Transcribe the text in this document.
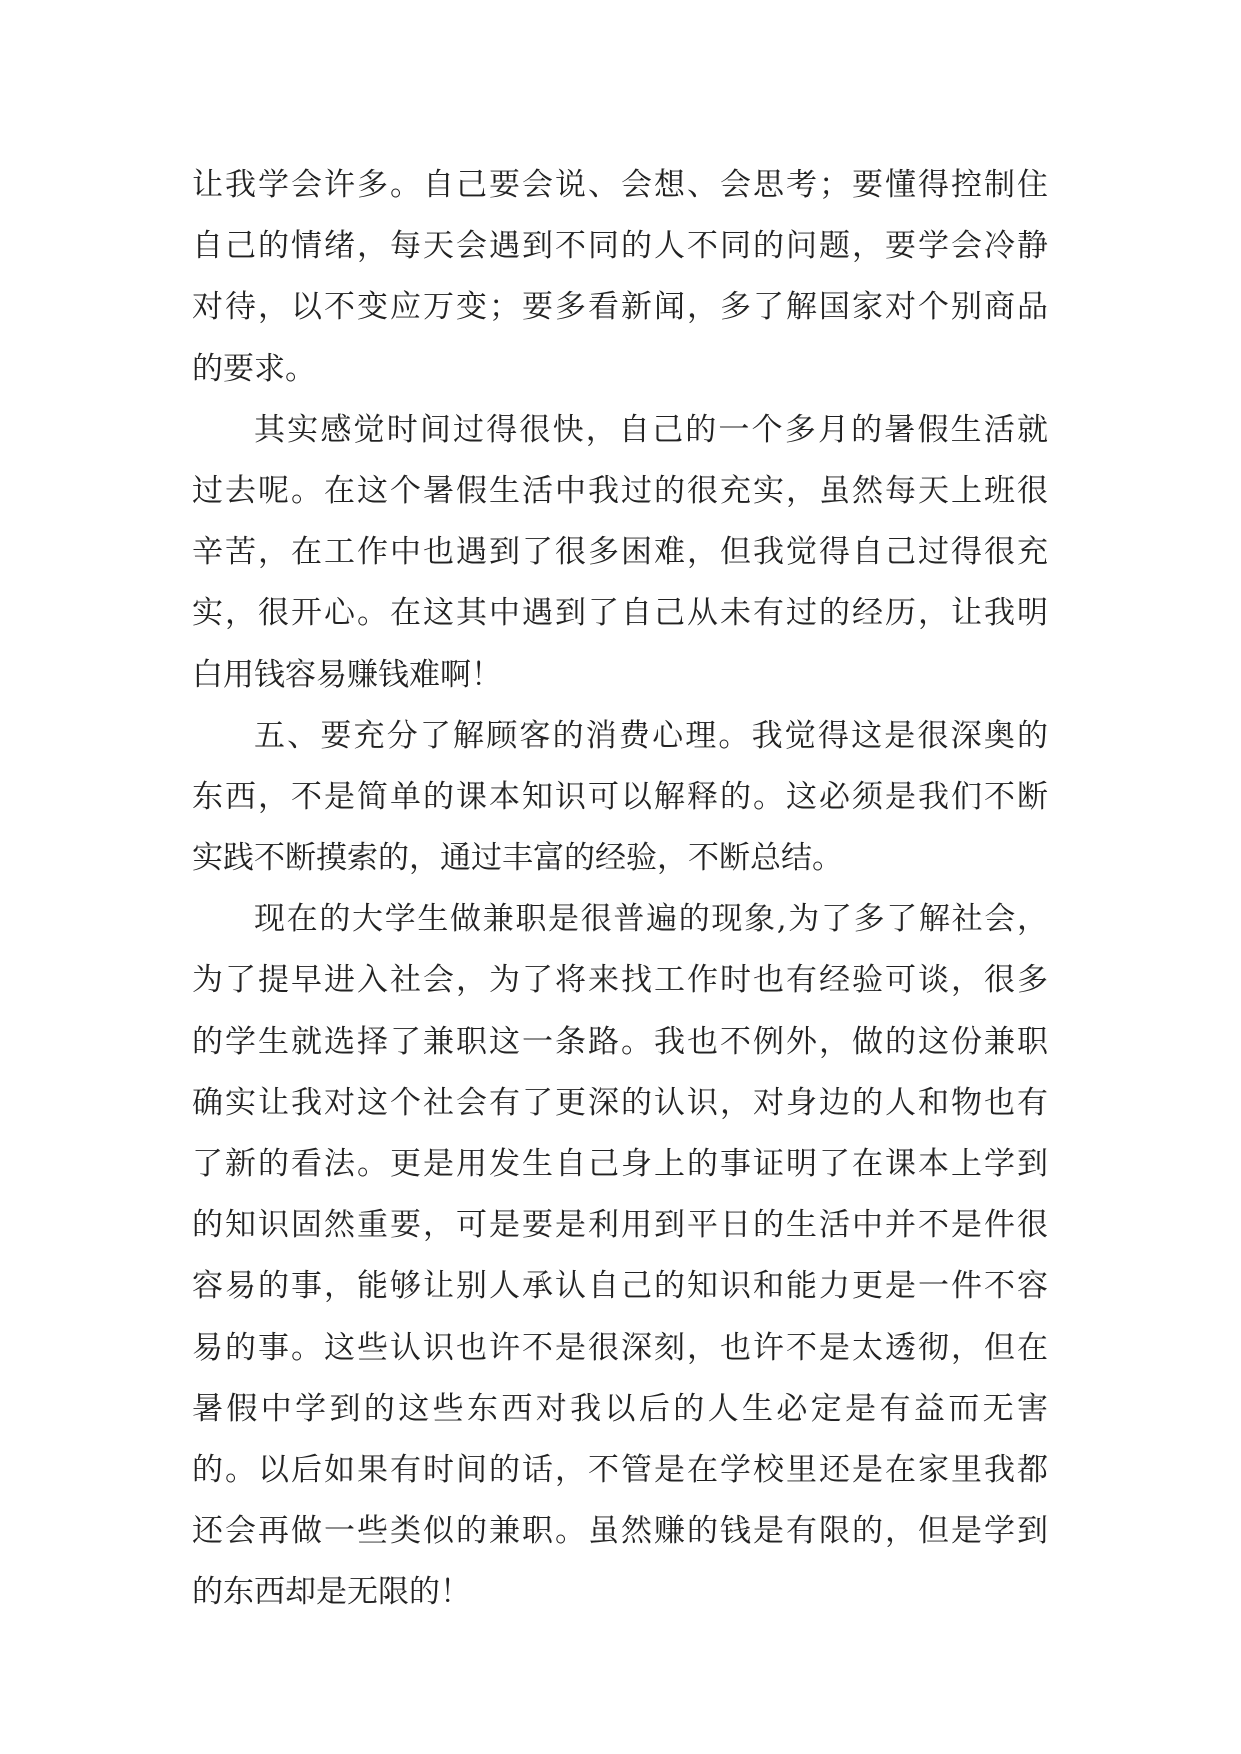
让我学会许多。自己要会说、会想、会思考；要懂得控制住
自己的情绪，每天会遇到不同的人不同的问题，要学会冷静
对待，以不变应万变；要多看新闻，多了解国家对个别商品
的要求。
其实感觉时间过得很快，自己的一个多月的暑假生活就
过去呢。在这个暑假生活中我过的很充实，虽然每天上班很
辛苦，在工作中也遇到了很多困难，但我觉得自己过得很充
实，很开心。在这其中遇到了自己从未有过的经历，让我明
白用钱容易赚钱难啊！
五、要充分了解顾客的消费心理。我觉得这是很深奥的
东西，不是简单的课本知识可以解释的。这必须是我们不断
实践不断摸索的，通过丰富的经验，不断总结。
现在的大学生做兼职是很普遍的现象,为了多了解社会，
为了提早进入社会，为了将来找工作时也有经验可谈，很多
的学生就选择了兼职这一条路。我也不例外，做的这份兼职
确实让我对这个社会有了更深的认识，对身边的人和物也有
了新的看法。更是用发生自己身上的事证明了在课本上学到
的知识固然重要，可是要是利用到平日的生活中并不是件很
容易的事，能够让别人承认自己的知识和能力更是一件不容
易的事。这些认识也许不是很深刻，也许不是太透彻，但在
暑假中学到的这些东西对我以后的人生必定是有益而无害
的。以后如果有时间的话，不管是在学校里还是在家里我都
还会再做一些类似的兼职。虽然赚的钱是有限的，但是学到
的东西却是无限的！
